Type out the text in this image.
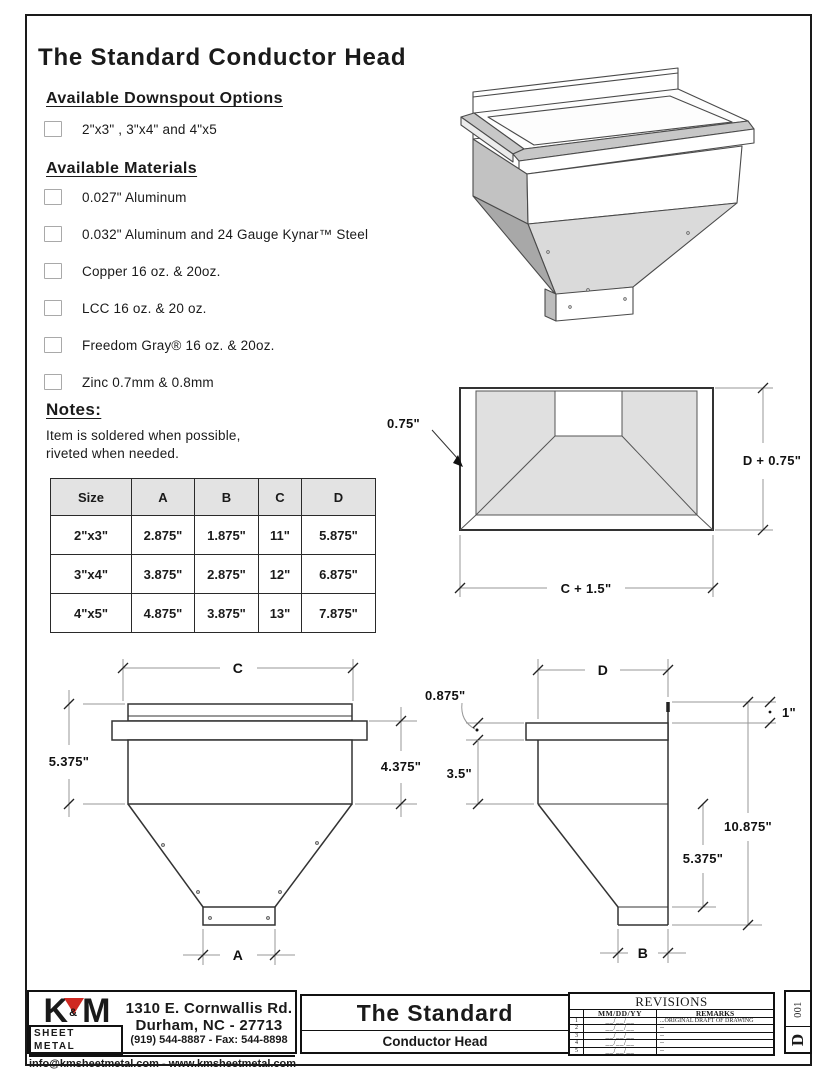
The Standard Conductor Head
Available Downspout Options
2"x3" , 3"x4" and 4"x5
Available Materials
0.027" Aluminum
0.032" Aluminum and 24 Gauge Kynar™ Steel
Copper 16 oz. & 20oz.
LCC 16 oz. & 20 oz.
Freedom Gray® 16 oz. & 20oz.
Zinc 0.7mm & 0.8mm
Notes:
Item is soldered when possible,
riveted when needed.
Size	A	B	C	D
2"x3"	2.875"	1.875"	11"	5.875"
3"x4"	3.875"	2.875"	12"	6.875"
4"x5"	4.875"	3.875"	13"	7.875"
0.75"
D + 0.75"
C + 1.5"
C
5.375"	4.375"
A
D
1"
0.875"
3.5"
10.875"
5.375"
B
K & M
SHEET METAL
1310 E. Cornwallis Rd.
Durham, NC - 27713
(919) 544-8887 - Fax: 544-8898
info@kmsheetmetal.com - www.kmsheetmetal.com
The Standard
Conductor Head
REVISIONS
MM/DD/YY	REMARKS
1	__/__/__	...ORIGINAL DRAFT OF DRAWING
2	__/__/__	--
3	__/__/__	--
4	__/__/__	--
5	__/__/__	--
001
D
